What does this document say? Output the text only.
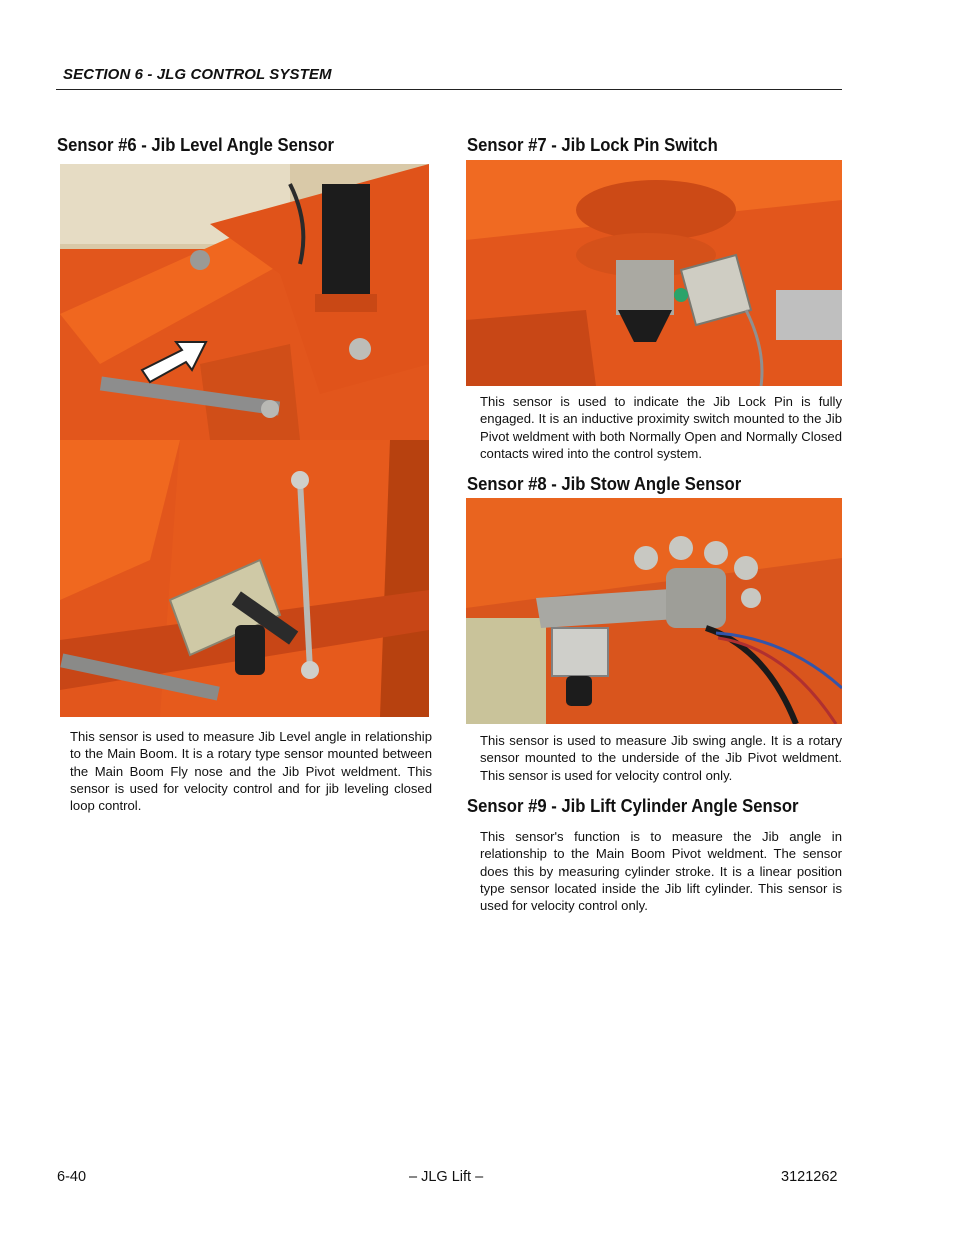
SECTION 6 - JLG CONTROL SYSTEM
Sensor #6 - Jib Level Angle Sensor
This sensor is used to measure Jib Level angle in relationship to the Main Boom. It is a rotary type sensor mounted between the Main Boom Fly nose and the Jib Pivot weldment. This sensor is used for velocity control and for jib leveling closed loop control.
Sensor #7 - Jib Lock Pin Switch
This sensor is used to indicate the Jib Lock Pin is fully engaged. It is an inductive proximity switch mounted to the Jib Pivot weldment with both Normally Open and Normally Closed contacts wired into the control system.
Sensor #8 - Jib Stow Angle Sensor
This sensor is used to measure Jib swing angle. It is a rotary sensor mounted to the underside of the Jib Pivot weldment. This sensor is used for velocity control only.
Sensor #9 - Jib Lift Cylinder Angle Sensor
This sensor's function is to measure the Jib angle in relationship to the Main Boom Pivot weldment. The sensor does this by measuring cylinder stroke. It is a linear position type sensor located inside the Jib lift cylinder. This sensor is used for velocity control only.
6-40	– JLG Lift –	3121262
